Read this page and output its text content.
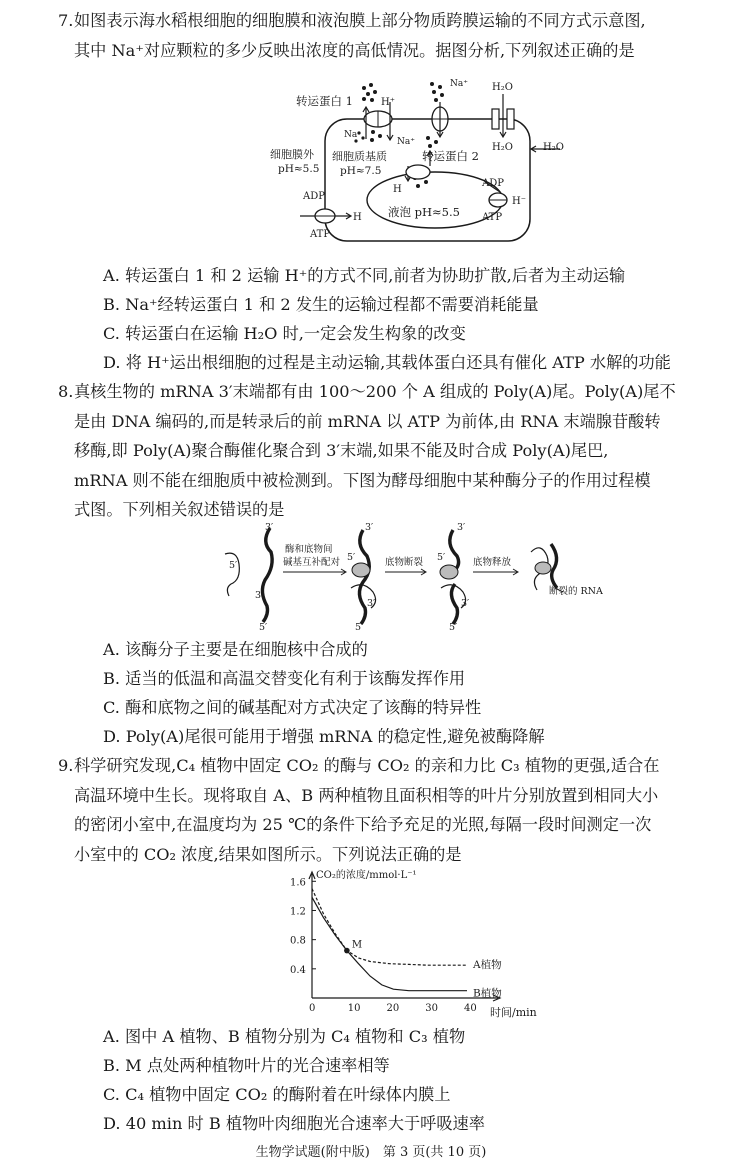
7. 如图表示海水稻根细胞的细胞膜和液泡膜上部分物质跨膜运输的不同方式示意图,
其中 Na⁺对应颗粒的多少反映出浓度的高低情况。据图分析,下列叙述正确的是
转运蛋白 1	H⁺
Na⁺ H₂O
Na
Na⁺
细胞膜外
pH≈5.5
细胞质基质
pH≈7.5
转运蛋白 2
H₂O	H₂O
H
液泡 pH≈5.5
ADP
ATP
H
ADP
ATP
H⁻
A. 转运蛋白 1 和 2 运输 H⁺的方式不同,前者为协助扩散,后者为主动运输
B. Na⁺经转运蛋白 1 和 2 发生的运输过程都不需要消耗能量
C. 转运蛋白在运输 H₂O 时,一定会发生构象的改变
D. 将 H⁺运出根细胞的过程是主动运输,其载体蛋白还具有催化 ATP 水解的功能
8. 真核生物的 mRNA 3′末端都有由 100～200 个 A 组成的 Poly(A)尾。Poly(A)尾不
是由 DNA 编码的,而是转录后的前 mRNA 以 ATP 为前体,由 RNA 末端腺苷酸转
移酶,即 Poly(A)聚合酶催化聚合到 3′末端,如果不能及时合成 Poly(A)尾巴,
mRNA 则不能在细胞质中被检测到。下图为酵母细胞中某种酶分子的作用过程模
式图。下列相关叙述错误的是
3′
5′
3′
5′
3′
5′
3′
5′
3′
5′
3′
5′
酶和底物间
碱基互补配对	底物断裂	底物释放
断裂的 RNA
A. 该酶分子主要是在细胞核中合成的
B. 适当的低温和高温交替变化有利于该酶发挥作用
C. 酶和底物之间的碱基配对方式决定了该酶的特异性
D. Poly(A)尾很可能用于增强 mRNA 的稳定性,避免被酶降解
9. 科学研究发现,C₄ 植物中固定 CO₂ 的酶与 CO₂ 的亲和力比 C₃ 植物的更强,适合在
高温环境中生长。现将取自 A、B 两种植物且面积相等的叶片分别放置到相同大小
的密闭小室中,在温度均为 25 ℃的条件下给予充足的光照,每隔一段时间测定一次
小室中的 CO₂ 浓度,结果如图所示。下列说法正确的是
0	10	20	30	40
0.4
0.8
1.2
1.6
A植物
B植物
CO₂的浓度/mmol·L⁻¹
时间/min
M
A. 图中 A 植物、B 植物分别为 C₄ 植物和 C₃ 植物
B. M 点处两种植物叶片的光合速率相等
C. C₄ 植物中固定 CO₂ 的酶附着在叶绿体内膜上
D. 40 min 时 B 植物叶肉细胞光合速率大于呼吸速率
生物学试题(附中版)　第 3 页(共 10 页)
